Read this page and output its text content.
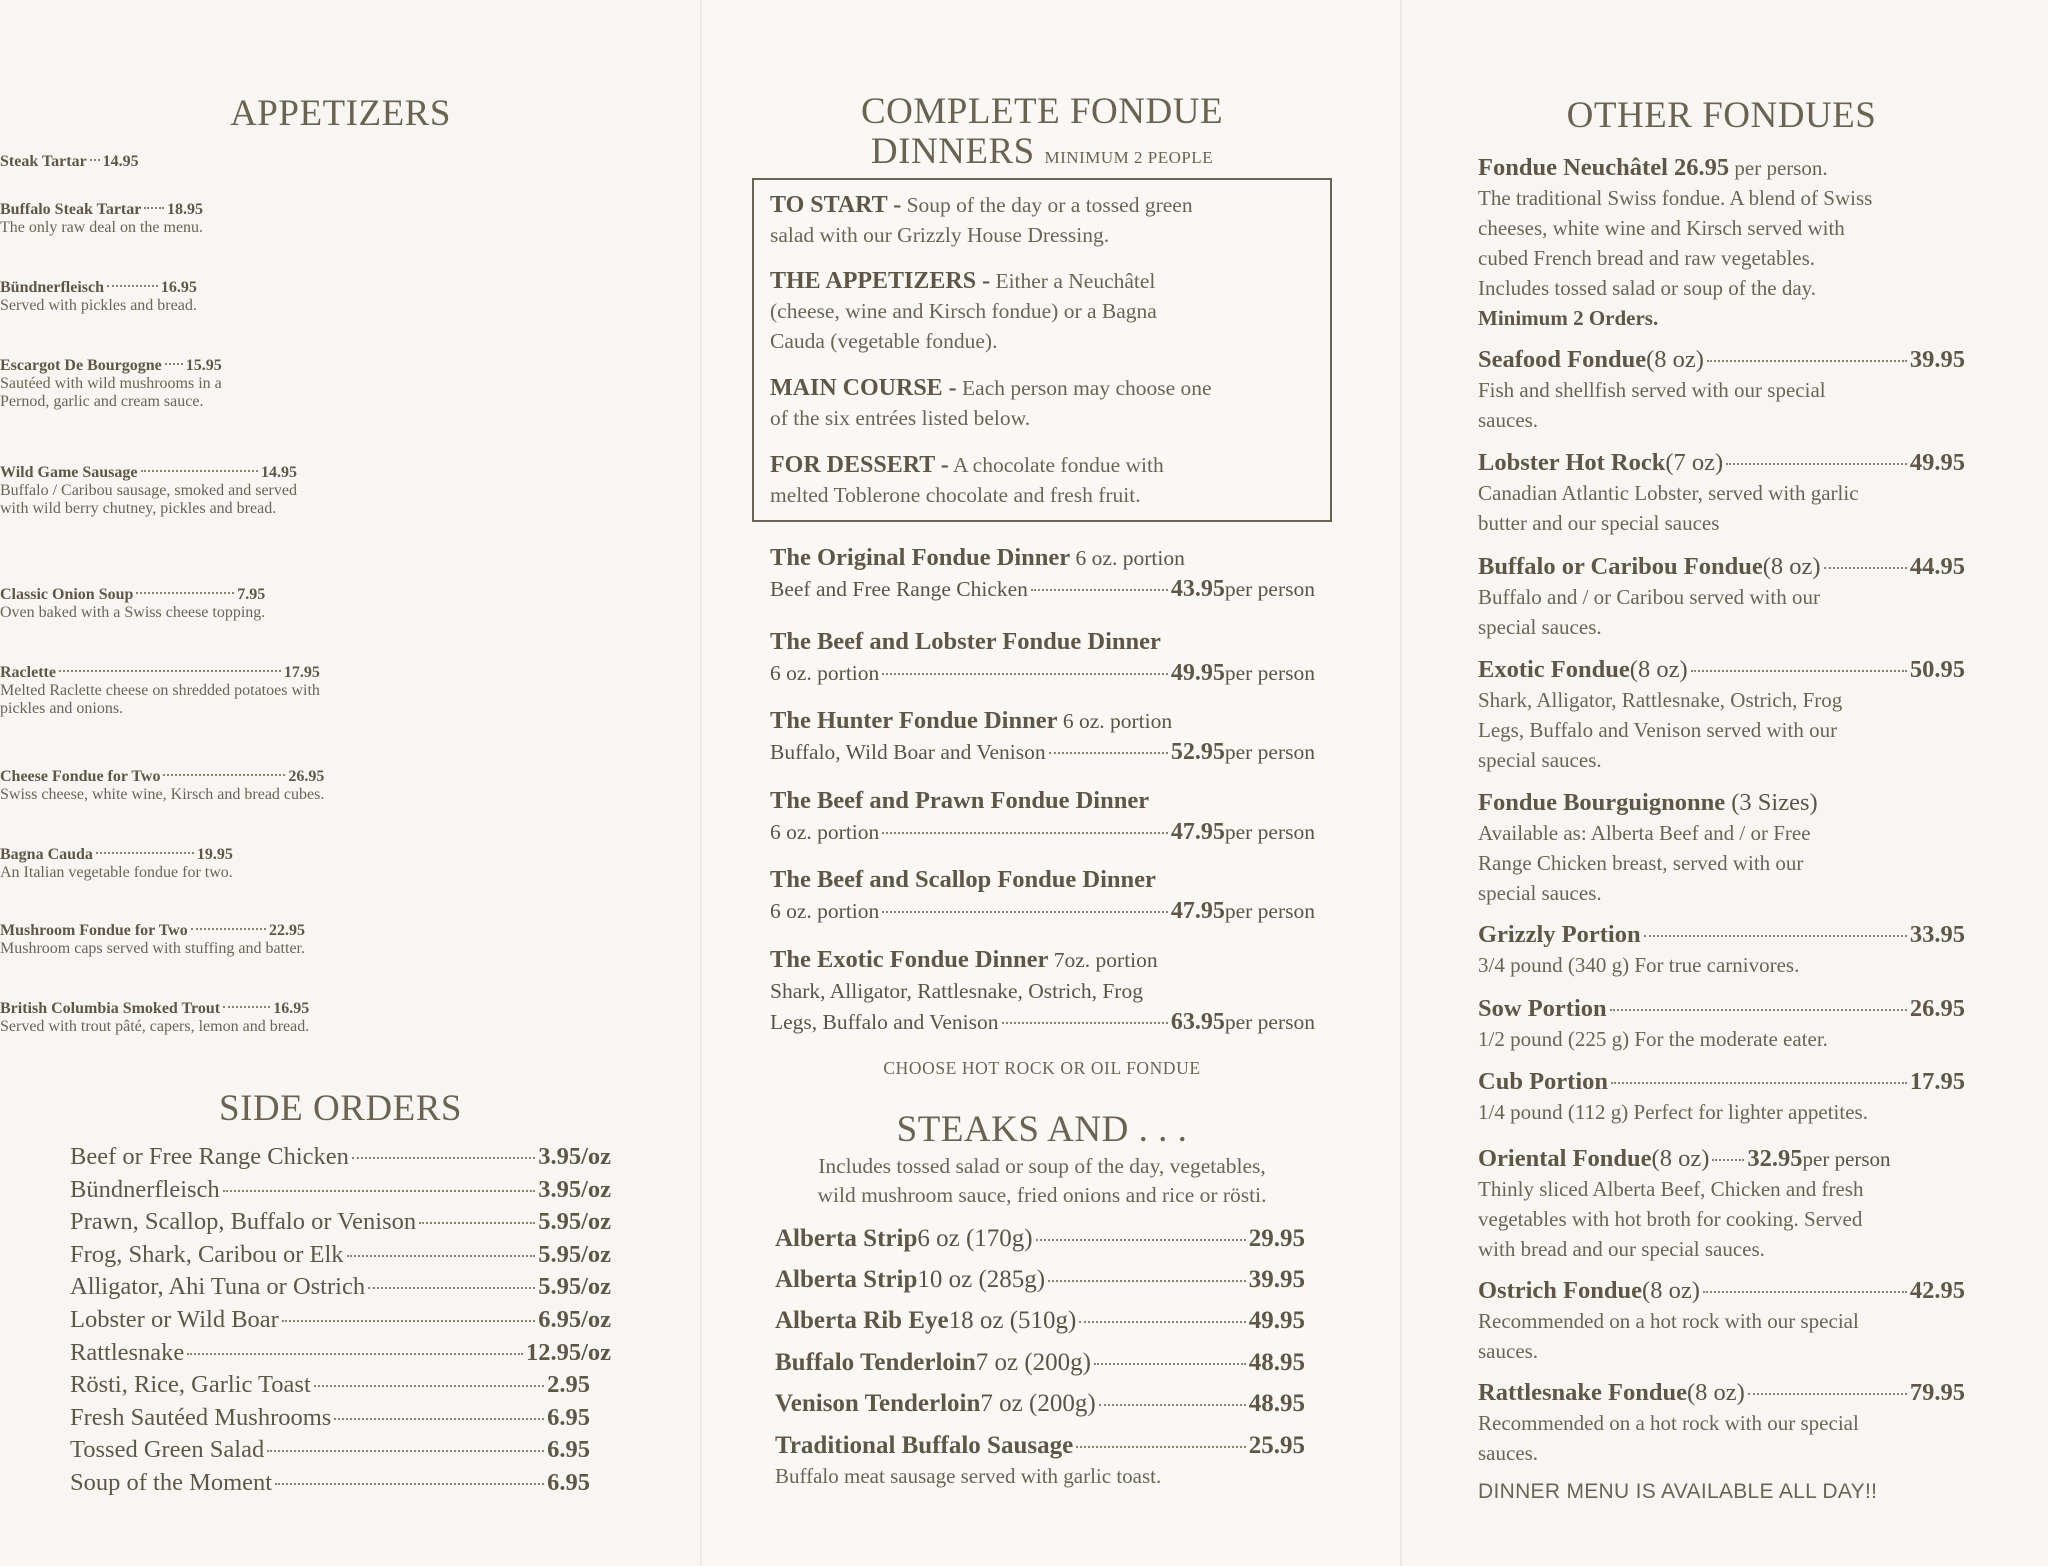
APPETIZERS
Steak Tartar 14.95
Buffalo Steak Tartar 18.95
The only raw deal on the menu.
Bündnerfleisch	16.95
Served with pickles and bread.
Escargot De Bourgogne 15.95
Sautéed with wild mushrooms in a
Pernod, garlic and cream sauce.
Wild Game Sausage	14.95
Buffalo / Caribou sausage, smoked and served
with wild berry chutney, pickles and bread.
Classic Onion Soup	7.95
Oven baked with a Swiss cheese topping.
Raclette	17.95
Melted Raclette cheese on shredded potatoes with
pickles and onions.
Cheese Fondue for Two	26.95
Swiss cheese, white wine, Kirsch and bread cubes.
Bagna Cauda	19.95
An Italian vegetable fondue for two.
Mushroom Fondue for Two	22.95
Mushroom caps served with stuffing and batter.
British Columbia Smoked Trout	16.95
Served with trout pâté, capers, lemon and bread.
SIDE ORDERS
Beef or Free Range Chicken	3.95/oz
Bündnerfleisch	3.95/oz
Prawn, Scallop, Buffalo or Venison	5.95/oz
Frog, Shark, Caribou or Elk	5.95/oz
Alligator, Ahi Tuna or Ostrich	5.95/oz
Lobster or Wild Boar	6.95/oz
Rattlesnake	12.95/oz
Rösti, Rice, Garlic Toast	2.95
Fresh Sautéed Mushrooms	6.95
Tossed Green Salad	6.95
Soup of the Moment	6.95
COMPLETE FONDUE
DINNERS MINIMUM 2 PEOPLE
TO START - Soup of the day or a tossed green
salad with our Grizzly House Dressing.
THE APPETIZERS - Either a Neuchâtel
(cheese, wine and Kirsch fondue) or a Bagna
Cauda (vegetable fondue).
MAIN COURSE - Each person may choose one
of the six entrées listed below.
FOR DESSERT - A chocolate fondue with
melted Toblerone chocolate and fresh fruit.
The Original Fondue Dinner 6 oz. portion
Beef and Free Range Chicken	43.95 per person
The Beef and Lobster Fondue Dinner
6 oz. portion	49.95 per person
The Hunter Fondue Dinner 6 oz. portion
Buffalo, Wild Boar and Venison	52.95 per person
The Beef and Prawn Fondue Dinner
6 oz. portion	47.95 per person
The Beef and Scallop Fondue Dinner
6 oz. portion	47.95 per person
The Exotic Fondue Dinner 7oz. portion
Shark, Alligator, Rattlesnake, Ostrich, Frog
Legs, Buffalo and Venison	63.95 per person
CHOOSE HOT ROCK OR OIL FONDUE
STEAKS AND . . .
Includes tossed salad or soup of the day, vegetables,
wild mushroom sauce, fried onions and rice or rösti.
Alberta Strip 6 oz (170g)	29.95
Alberta Strip 10 oz (285g)	39.95
Alberta Rib Eye 18 oz (510g)	49.95
Buffalo Tenderloin 7 oz (200g)	48.95
Venison Tenderloin 7 oz (200g)	48.95
Traditional Buffalo Sausage	25.95
Buffalo meat sausage served with garlic toast.
OTHER FONDUES
Fondue Neuchâtel 26.95 per person.
The traditional Swiss fondue. A blend of Swiss
cheeses, white wine and Kirsch served with
cubed French bread and raw vegetables.
Includes tossed salad or soup of the day.
Minimum 2 Orders.
Seafood Fondue (8 oz)	39.95
Fish and shellfish served with our special
sauces.
Lobster Hot Rock (7 oz)	49.95
Canadian Atlantic Lobster, served with garlic
butter and our special sauces
Buffalo or Caribou Fondue (8 oz)	44.95
Buffalo and / or Caribou served with our
special sauces.
Exotic Fondue (8 oz)	50.95
Shark, Alligator, Rattlesnake, Ostrich, Frog
Legs, Buffalo and Venison served with our
special sauces.
Fondue Bourguignonne (3 Sizes)
Available as: Alberta Beef and / or Free
Range Chicken breast, served with our
special sauces.
Grizzly Portion	33.95
3/4 pound (340 g) For true carnivores.
Sow Portion	26.95
1/2 pound (225 g) For the moderate eater.
Cub Portion	17.95
1/4 pound (112 g) Perfect for lighter appetites.
Oriental Fondue (8 oz) 32.95 per person
Thinly sliced Alberta Beef, Chicken and fresh
vegetables with hot broth for cooking. Served
with bread and our special sauces.
Ostrich Fondue (8 oz)	42.95
Recommended on a hot rock with our special
sauces.
Rattlesnake Fondue (8 oz)	79.95
Recommended on a hot rock with our special
sauces.
DINNER MENU IS AVAILABLE ALL DAY!!
